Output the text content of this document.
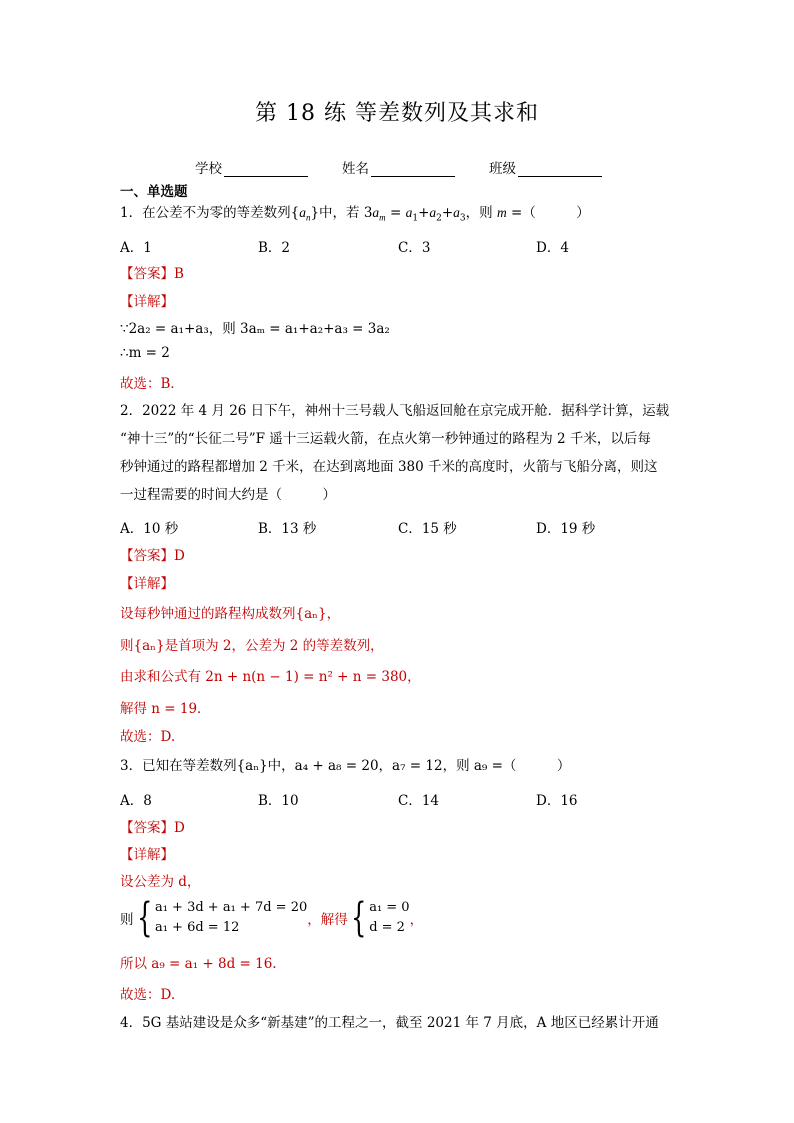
第 18 练 等差数列及其求和
学校	姓名	班级
一、单选题
1．在公差不为零的等差数列$\{a_n\}$中，若 $3a_m = a_1+a_2+a_3$，则 m =（　　　）
A．1	B．2	C．3	D．4
【答案】B
【详解】
∵2a₂ = a₁+a₃，则 3aₘ = a₁+a₂+a₃ = 3a₂
∴m = 2
故选：B．
2．2022 年 4 月 26 日下午，神州十三号载人飞船返回舱在京完成开舱．据科学计算，运载
“神十三”的“长征二号”F 遥十三运载火箭，在点火第一秒钟通过的路程为 2 千米，以后每
秒钟通过的路程都增加 2 千米，在达到离地面 380 千米的高度时，火箭与飞船分离，则这
一过程需要的时间大约是（　　　）
A．10 秒	B．13 秒	C．15 秒	D．19 秒
【答案】D
【详解】
设每秒钟通过的路程构成数列{aₙ}，
则{aₙ}是首项为 2，公差为 2 的等差数列，
由求和公式有 2n + n(n − 1) = n² + n = 380，
解得 n = 19．
故选：D.
3．已知在等差数列{aₙ}中，a₄ + a₈ = 20，a₇ = 12，则 a₉ =（　　　）
A．8	B．10	C．14	D．16
【答案】D
【详解】
设公差为 d，
则 { a₁ + 3d + a₁ + 7d = 20
a₁ + 6d = 12	，解得 { a₁ = 0
d = 2 ，
所以 a₉ = a₁ + 8d = 16.
故选：D.
4．5G 基站建设是众多“新基建”的工程之一，截至 2021 年 7 月底，A 地区已经累计开通
